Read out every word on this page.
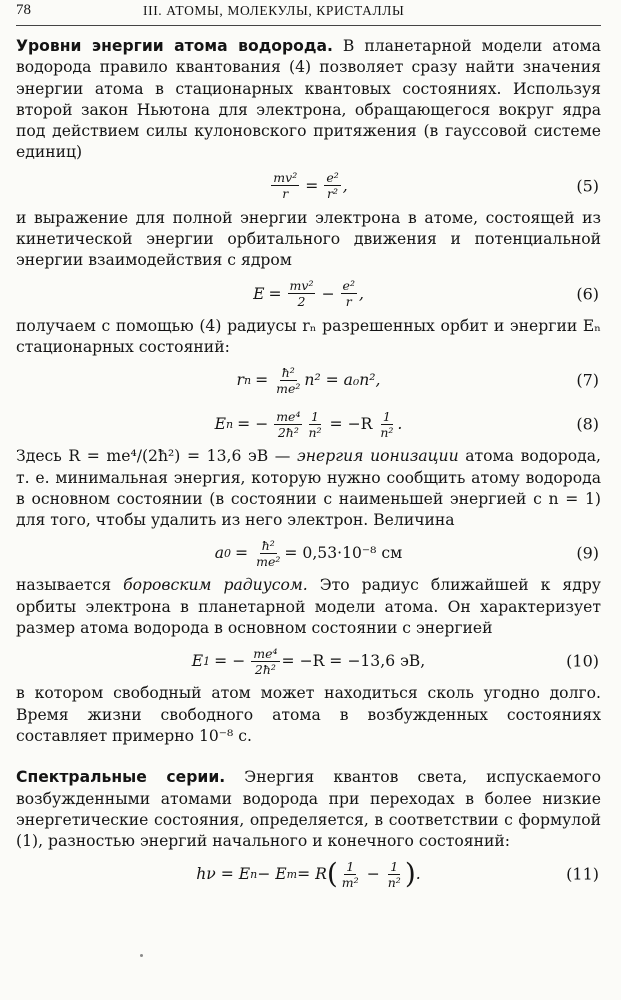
78	III. АТОМЫ, МОЛЕКУЛЫ, КРИСТАЛЛЫ

Уровни энергии атома водорода. В планетарной модели атома водорода правило квантования (4) позволяет сразу найти значения энергии атома в стационарных квантовых состояниях. Используя второй закон Ньютона для электрона, обращающегося вокруг ядра под действием силы кулоновского притяжения (в гауссовой системе единиц)

$\frac{\text{mv²}}{r} = \frac{\text{e²}}{\text{r²}}$ ,	(5)

и выражение для полной энергии электрона в атоме, состоящей из кинетической энергии орбитального движения и потенциальной энергии взаимодействия с ядром

$E = \frac{\text{mv²}}{2} - \frac{\text{e²}}{r}$ ,	(6)

получаем с помощью (4) радиусы rₙ разрешенных орбит и энергии Eₙ стационарных состояний:

r $n = \frac{\text{ħ²}}{\text{me²}} n^2 = a_0n^2$ ,	(7)
E n = − $\frac{\text{me⁴}}{\text{2ħ²}} \frac{1}{\text{n²}} = -R \frac{1}{\text{n²}}$ .	(8)

Здесь R = me⁴/(2ħ²) = 13,6 эВ — энергия ионизации атома водорода, т. е. минимальная энергия, которую нужно сообщить атому водорода в основном состоянии (в состоянии с наименьшей энергией с n = 1) для того, чтобы удалить из него электрон. Величина

a $0 = \frac{\text{ħ²}}{\text{me²}} = 0,53\cdot 10^{-8}$ см	(9)

называется боровским радиусом. Это радиус ближайшей к ядру орбиты электрона в планетарной модели атома. Он характеризует размер атома водорода в основном состоянии с энергией

E 1 = − $\frac{\text{me⁴}}{\text{2ħ²}} = -R = -13,6$ эВ,	(10)

в котором свободный атом может находиться сколь угодно долго. Время жизни свободного атома в возбужденных состояниях составляет примерно 10⁻⁸ с.

Спектральные серии. Энергия квантов света, испускаемого возбужденными атомами водорода при переходах в более низкие энергетические состояния, определяется, в соответствии с формулой (1), разностью энергий начального и конечного состояний:

hν = E n − E m = R ( $\frac{1}{\text{m²}} - \frac{1}{\text{n²}}$ ) .	(11)
